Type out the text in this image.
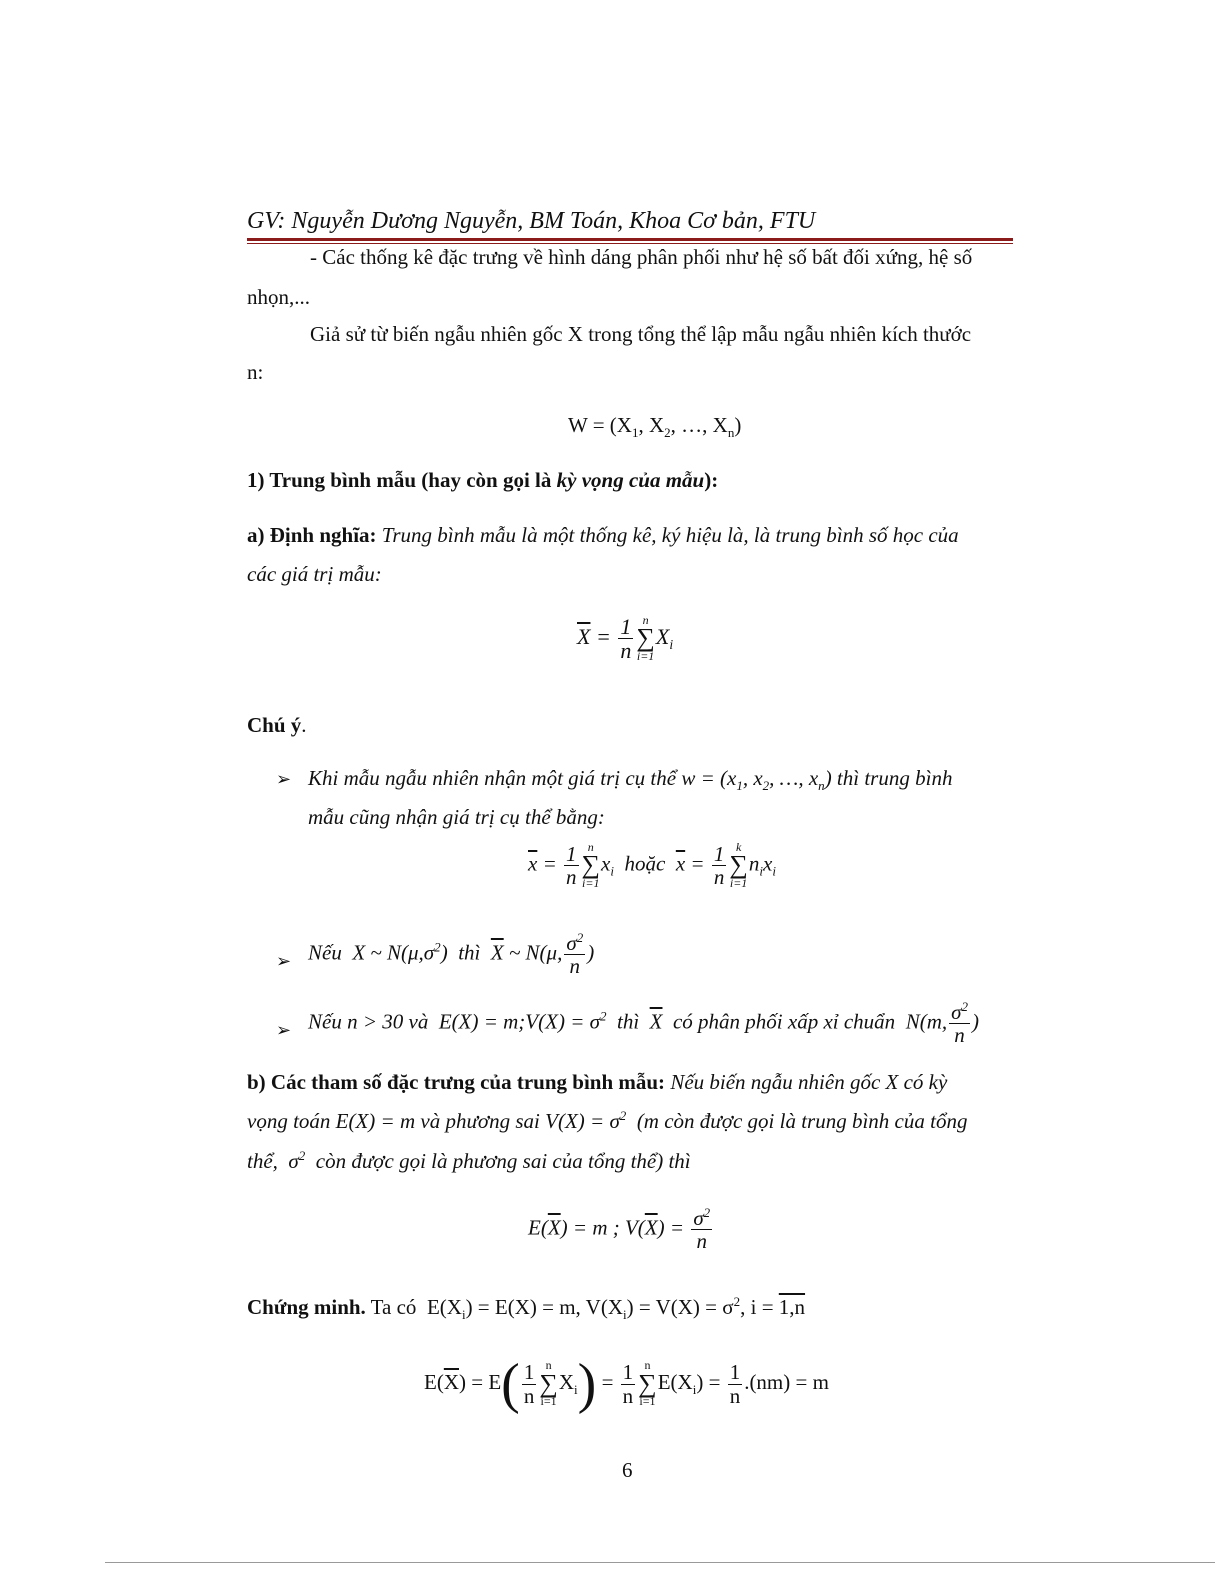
GV: Nguyễn Dương Nguyễn, BM Toán, Khoa Cơ bản, FTU
- Các thống kê đặc trưng về hình dáng phân phối như hệ số bất đối xứng, hệ số
nhọn,...
Giả sử từ biến ngẫu nhiên gốc X trong tổng thể lập mẫu ngẫu nhiên kích thước
n:
$W = (X_1$, $X_2$, …, $X_n$)
1) Trung bình mẫu (hay còn gọi là kỳ vọng của mẫu):
a) Định nghĩa: Trung bình mẫu là một thống kê, ký hiệu là, là trung bình số học của
các giá trị mẫu:
$\overline{X} = \frac{1}{n}$ n
∑
i=1
$X_i$
Chú ý.
➢ Khi mẫu ngẫu nhiên nhận một giá trị cụ thể $w = (x_1$, $x_2$, …, $x_n$) thì trung bình
mẫu cũng nhận giá trị cụ thể bằng:
$\overline{x} = \frac{1}{n}$ n
∑
i=1
$x_i$ hoặc $\overline{x} = \frac{1}{n}$ k
∑
i=1
$n_ix_i$
➢ Nếu  X ~ $N(\mu,\sigma^2)$  thì $\overline{X}$ ~ N(μ, $\frac{\sigma^2}{n}$ )
➢ Nếu n > 30 và  E(X) = m;V(X) = $\sigma^2$ thì $\overline{X}$ có phân phối xấp xỉ chuẩn  N(m, $\frac{\sigma^2}{n}$ )
b) Các tham số đặc trưng của trung bình mẫu: Nếu biến ngẫu nhiên gốc X có kỳ
vọng toán E(X) = m và phương sai $V(X) = \sigma^2$ (m còn được gọi là trung bình của tổng
thể,  $\sigma^2$ còn được gọi là phương sai của tổng thể) thì
$E(\overline{X}) = m$ ; $V(\overline{X}) = \frac{\sigma^2}{n}$
Chứng minh. Ta có  $E(X_i) = E(X) = m$, $V(X_i) = V(X) = \sigma^2$, i = 1,n
$E(\overline{X}) = E( \frac{1}{n}$ n
∑
i=1
$X_i) = \frac{1}{n}$ n
∑
i=1
$E(X_i) = \frac{1}{n} .(nm) = m$
6
